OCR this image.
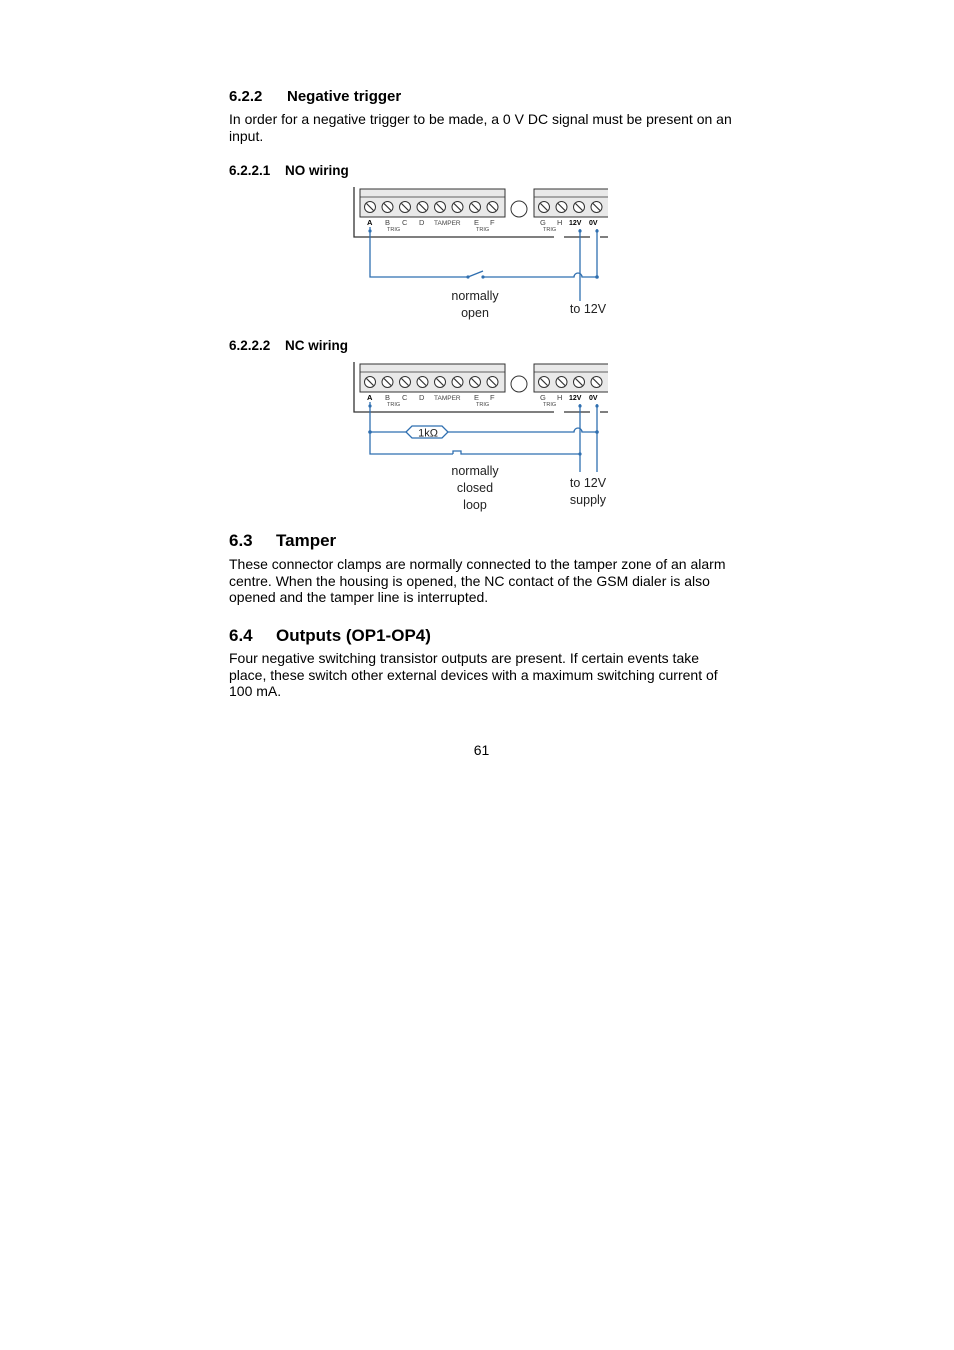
6.2.2 Negative trigger
In order for a negative trigger to be made, a 0 V DC signal must be present on an input.
6.2.2.1 NO wiring
A B C D TAMPER E F	G H 12V 0V
TRIG	TRIG	TRIG
normally
open	to 12V
6.2.2.2 NC wiring
A B C D TAMPER E F	G H 12V 0V
TRIG	TRIG	TRIG
1kΩ
normally
closed
loop
to 12V
supply
6.3 Tamper
These connector clamps are normally connected to the tamper zone of an alarm centre. When the housing is opened, the NC contact of the GSM dialer is also opened and the tamper line is interrupted.
6.4 Outputs (OP1-OP4)
Four negative switching transistor outputs are present. If certain events take place, these switch other external devices with a maximum switching current of 100 mA.
61
